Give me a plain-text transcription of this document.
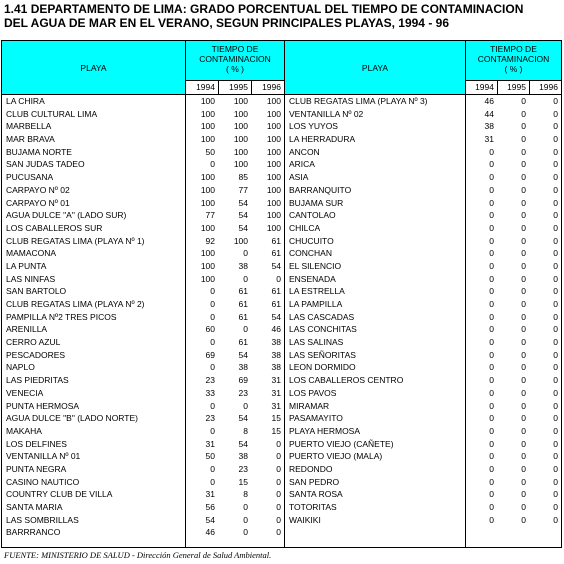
1.41 DEPARTAMENTO DE LIMA: GRADO PORCENTUAL DEL TIEMPO DE CONTAMINACION
DEL AGUA DE MAR EN EL VERANO, SEGUN PRINCIPALES PLAYAS, 1994 - 96
PLAYA
TIEMPO DE
CONTAMINACION
( % )
1994	1995	1996
LA CHIRA	100	100	100
CLUB CULTURAL LIMA	100	100	100
MARBELLA	100	100	100
MAR BRAVA	100	100	100
BUJAMA NORTE	50	100	100
SAN JUDAS TADEO	0	100	100
PUCUSANA	100	85	100
CARPAYO Nº 02	100	77	100
CARPAYO Nº 01	100	54	100
AGUA DULCE "A" (LADO SUR)	77	54	100
LOS CABALLEROS SUR	100	54	100
CLUB REGATAS LIMA (PLAYA Nº 1)	92	100	61
MAMACONA	100	0	61
LA PUNTA	100	38	54
LAS NINFAS	100	0	0
SAN BARTOLO	0	61	61
CLUB REGATAS LIMA (PLAYA Nº 2)	0	61	61
PAMPILLA Nº2 TRES PICOS	0	61	54
ARENILLA	60	0	46
CERRO AZUL	0	61	38
PESCADORES	69	54	38
NAPLO	0	38	38
LAS PIEDRITAS	23	69	31
VENECIA	33	23	31
PUNTA HERMOSA	0	0	31
AGUA DULCE "B" (LADO NORTE)	23	54	15
MAKAHA	0	8	15
LOS DELFINES	31	54	0
VENTANILLA Nº 01	50	38	0
PUNTA NEGRA	0	23	0
CASINO NAUTICO	0	15	0
COUNTRY CLUB DE VILLA	31	8	0
SANTA MARIA	56	0	0
LAS SOMBRILLAS	54	0	0
BARRRANCO	46	0	0
PLAYA
TIEMPO DE
CONTAMINACION
( % )
1994	1995	1996
CLUB REGATAS LIMA (PLAYA Nº 3)	46	0	0
VENTANILLA Nº 02	44	0	0
LOS YUYOS	38	0	0
LA HERRADURA	31	0	0
ANCON	0	0	0
ARICA	0	0	0
ASIA	0	0	0
BARRANQUITO	0	0	0
BUJAMA SUR	0	0	0
CANTOLAO	0	0	0
CHILCA	0	0	0
CHUCUITO	0	0	0
CONCHAN	0	0	0
EL SILENCIO	0	0	0
ENSENADA	0	0	0
LA ESTRELLA	0	0	0
LA PAMPILLA	0	0	0
LAS CASCADAS	0	0	0
LAS CONCHITAS	0	0	0
LAS SALINAS	0	0	0
LAS SEÑORITAS	0	0	0
LEON DORMIDO	0	0	0
LOS CABALLEROS CENTRO	0	0	0
LOS PAVOS	0	0	0
MIRAMAR	0	0	0
PASAMAYITO	0	0	0
PLAYA HERMOSA	0	0	0
PUERTO VIEJO (CAÑETE)	0	0	0
PUERTO VIEJO (MALA)	0	0	0
REDONDO	0	0	0
SAN PEDRO	0	0	0
SANTA ROSA	0	0	0
TOTORITAS	0	0	0
WAIKIKI	0	0	0
FUENTE: MINISTERIO DE SALUD - Dirección General de Salud Ambiental.
